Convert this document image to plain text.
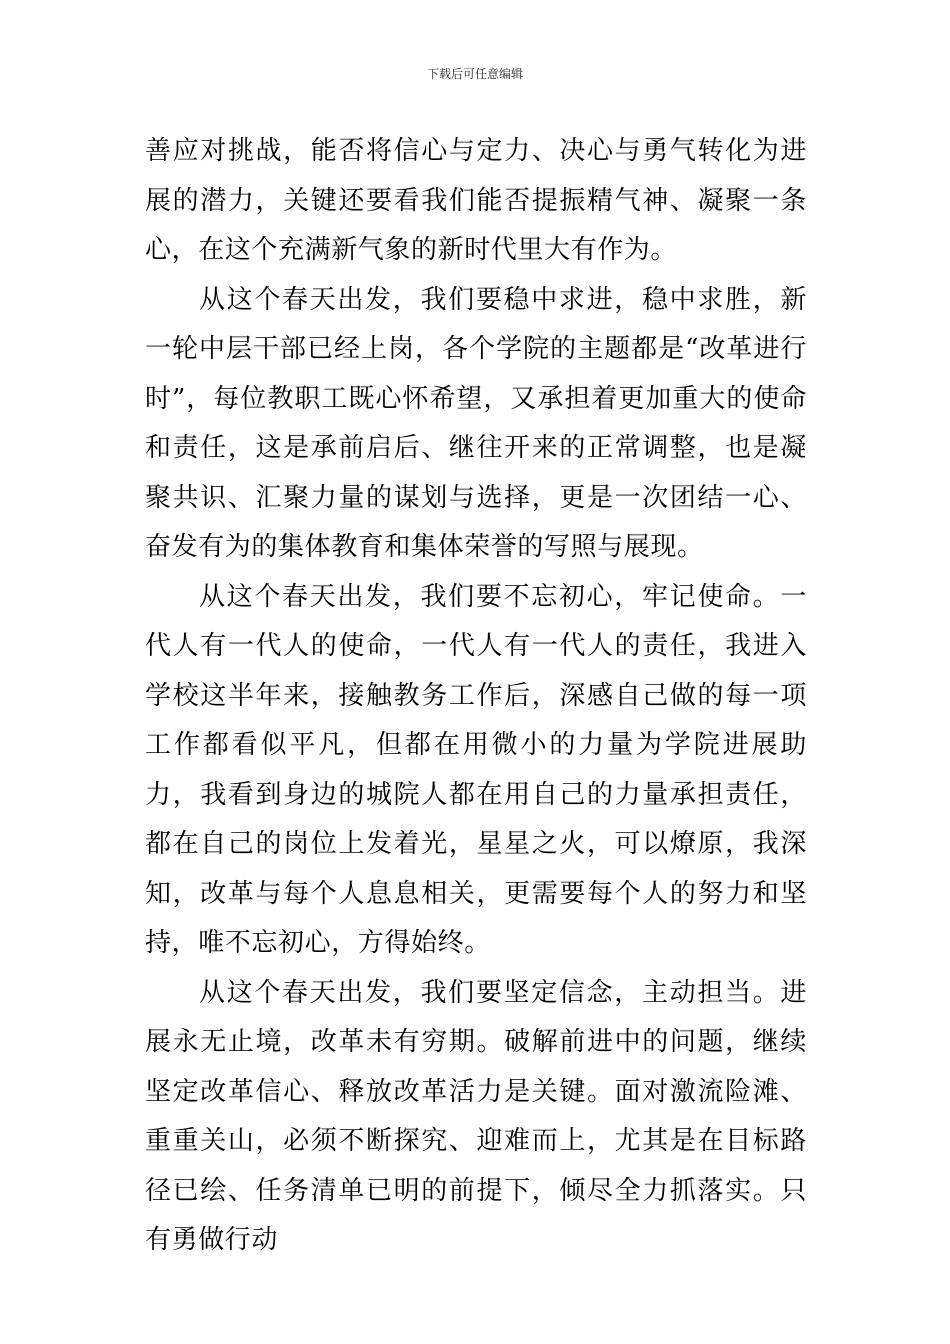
下载后可任意编辑

善应对挑战，能否将信心与定力、决心与勇气转化为进展的潜力，关键还要看我们能否提振精气神、凝聚一条心，在这个充满新气象的新时代里大有作为。

从这个春天出发，我们要稳中求进，稳中求胜，新一轮中层干部已经上岗，各个学院的主题都是“改革进行时”，每位教职工既心怀希望，又承担着更加重大的使命和责任，这是承前启后、继往开来的正常调整，也是凝聚共识、汇聚力量的谋划与选择，更是一次团结一心、奋发有为的集体教育和集体荣誉的写照与展现。

从这个春天出发，我们要不忘初心，牢记使命。一代人有一代人的使命，一代人有一代人的责任，我进入学校这半年来，接触教务工作后，深感自己做的每一项工作都看似平凡，但都在用微小的力量为学院进展助力，我看到身边的城院人都在用自己的力量承担责任，都在自己的岗位上发着光，星星之火，可以燎原，我深知，改革与每个人息息相关，更需要每个人的努力和坚持，唯不忘初心，方得始终。

从这个春天出发，我们要坚定信念，主动担当。进展永无止境，改革未有穷期。破解前进中的问题，继续坚定改革信心、释放改革活力是关键。面对激流险滩、重重关山，必须不断探究、迎难而上，尤其是在目标路径已绘、任务清单已明的前提下，倾尽全力抓落实。只有勇做行动
